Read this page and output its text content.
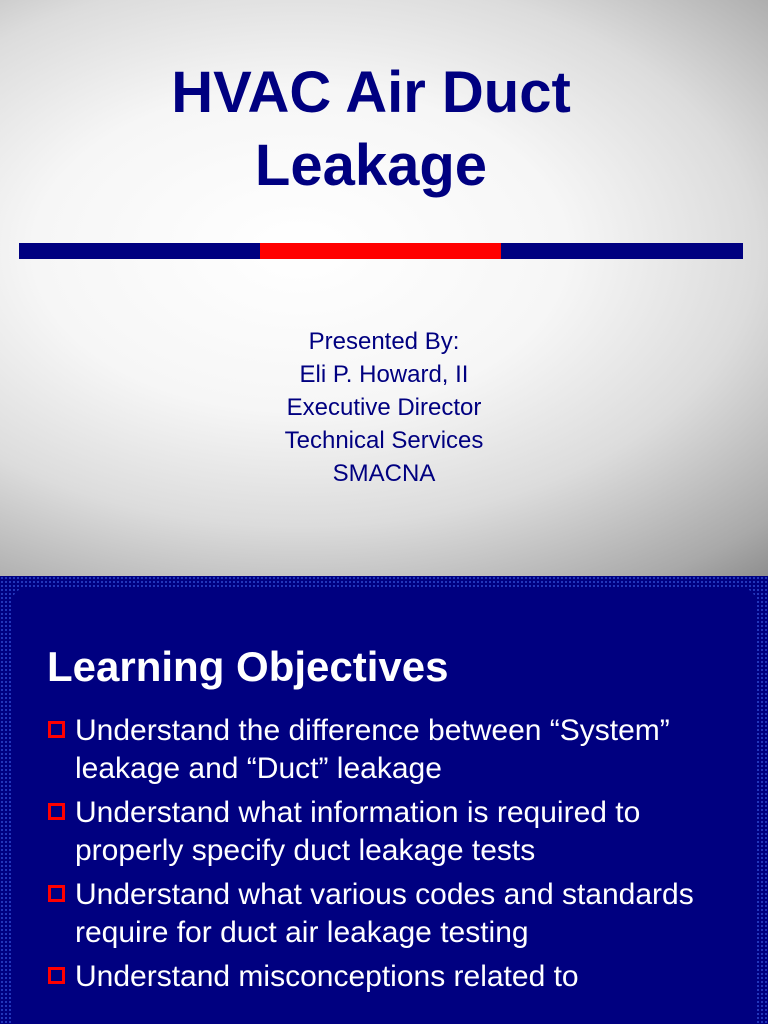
HVAC Air Duct
Leakage
Presented By:
Eli P. Howard, II
Executive Director
Technical Services
SMACNA
Learning Objectives
Understand the difference between “System” leakage and “Duct” leakage
Understand what information is required to properly specify duct leakage tests
Understand what various codes and standards require for duct air leakage testing
Understand misconceptions related to
